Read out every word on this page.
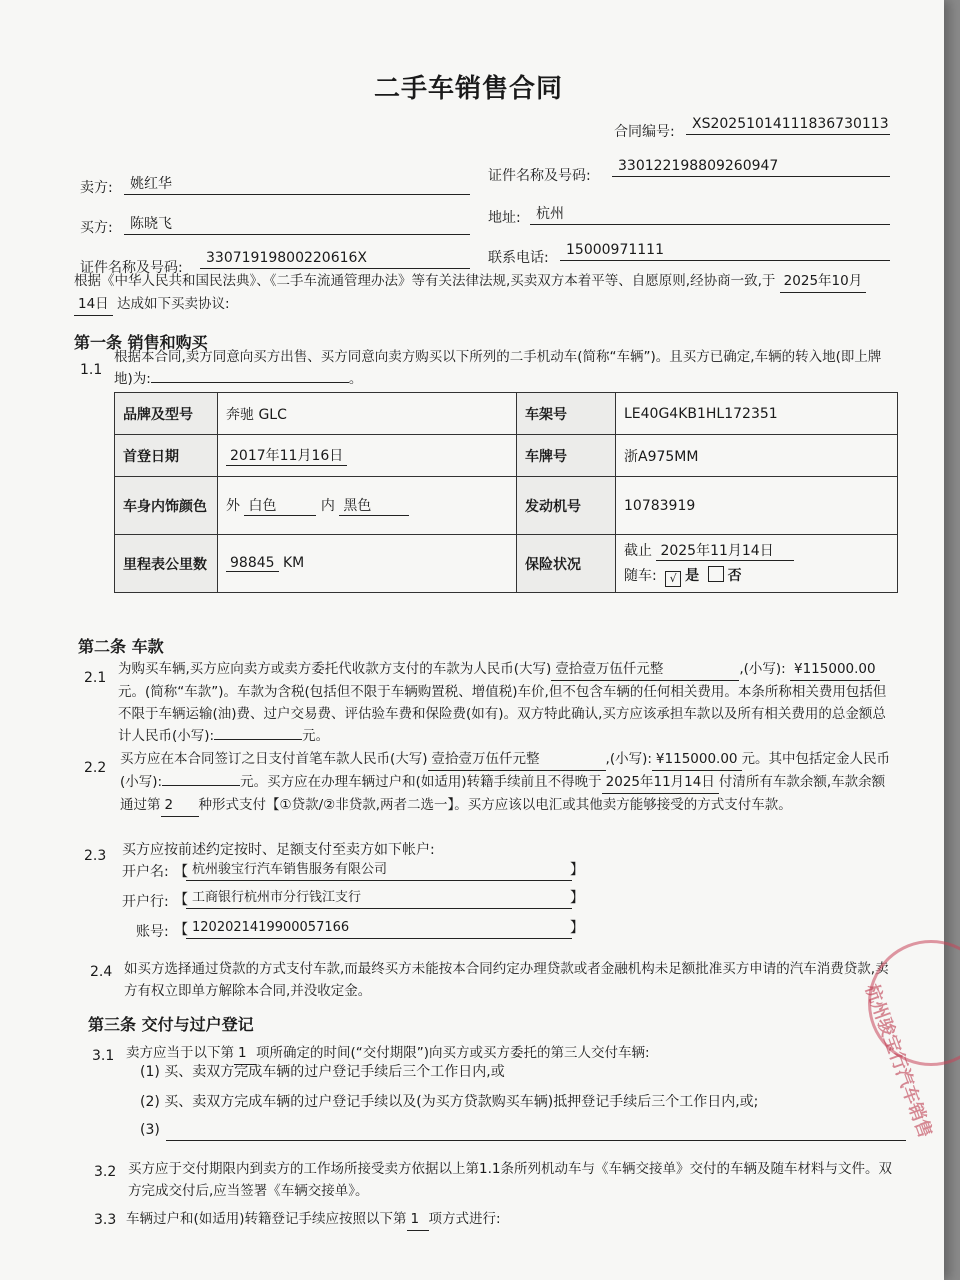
二手车销售合同
合同编号:	XS20251014111836730113
卖方:	姚红华	证件名称及号码:
330122198809260947
买方:	陈晓飞	地址:	杭州
证件名称及号码:
33071919800220616X	联系电话:	15000971111
根据《中华人民共和国民法典》、《二手车流通管理办法》等有关法律法规,买卖双方本着平等、自愿原则,经协商一致,于 2025年10月 14日 达成如下买卖协议:
第一条 销售和购买
1.1
根据本合同,卖方同意向买方出售、买方同意向卖方购买以下所列的二手机动车(简称“车辆”)。且买方已确定,车辆的转入地(即上牌地)为:	。
品牌及型号	奔驰 GLC	车架号	LE40G4KB1HL172351
首登日期	2017年11月16日	车牌号	浙A975MM
车身内饰颜色	外 白色 内 黑色	发动机号	10783919
里程表公里数	98845 KM	保险状况	截止 2025年11月14日
随车: √ 是 否
第二条 车款
2.1
为购买车辆,买方应向卖方或卖方委托代收款方支付的车款为人民币(大写) 壹拾壹万伍仟元整	,(小写): ¥115000.00元。(简称“车款”)。车款为含税(包括但不限于车辆购置税、增值税)车价,但不包含车辆的任何相关费用。本条所称相关费用包括但不限于车辆运输(油)费、过户交易费、评估验车费和保险费(如有)。双方特此确认,买方应该承担车款以及所有相关费用的总金额总计人民币(小写):	元。
2.2
买方应在本合同签订之日支付首笔车款人民币(大写) 壹拾壹万伍仟元整	,(小写): ¥115000.00 元。其中包括定金人民币(小写):	元。买方应在办理车辆过户和(如适用)转籍手续前且不得晚于 2025年11月14日 付清所有车款余额,车款余额通过第 2 种形式支付【①贷款/②非贷款,两者二选一】。买方应该以电汇或其他卖方能够接受的方式支付车款。
2.3 买方应按前述约定按时、足额支付至卖方如下帐户:
开户名: 【 杭州骏宝行汽车销售服务有限公司	】
开户行: 【 工商银行杭州市分行钱江支行	】
账号: 【 1202021419900057166	】
2.4 如买方选择通过贷款的方式支付车款,而最终买方未能按本合同约定办理贷款或者金融机构未足额批准买方申请的汽车消费贷款,卖方有权立即单方解除本合同,并没收定金。
第三条 交付与过户登记
3.1 卖方应当于以下第 1 项所确定的时间(“交付期限”)向买方或买方委托的第三人交付车辆:
(1) 买、卖双方完成车辆的过户登记手续后三个工作日内,或
(2) 买、卖双方完成车辆的过户登记手续以及(为买方贷款购买车辆)抵押登记手续后三个工作日内,或;
(3)
3.2 买方应于交付期限内到卖方的工作场所接受卖方依据以上第1.1条所列机动车与《车辆交接单》交付的车辆及随车材料与文件。双方完成交付后,应当签署《车辆交接单》。
3.3 车辆过户和(如适用)转籍登记手续应按照以下第 1 项方式进行:
杭州骏宝行汽车销售
